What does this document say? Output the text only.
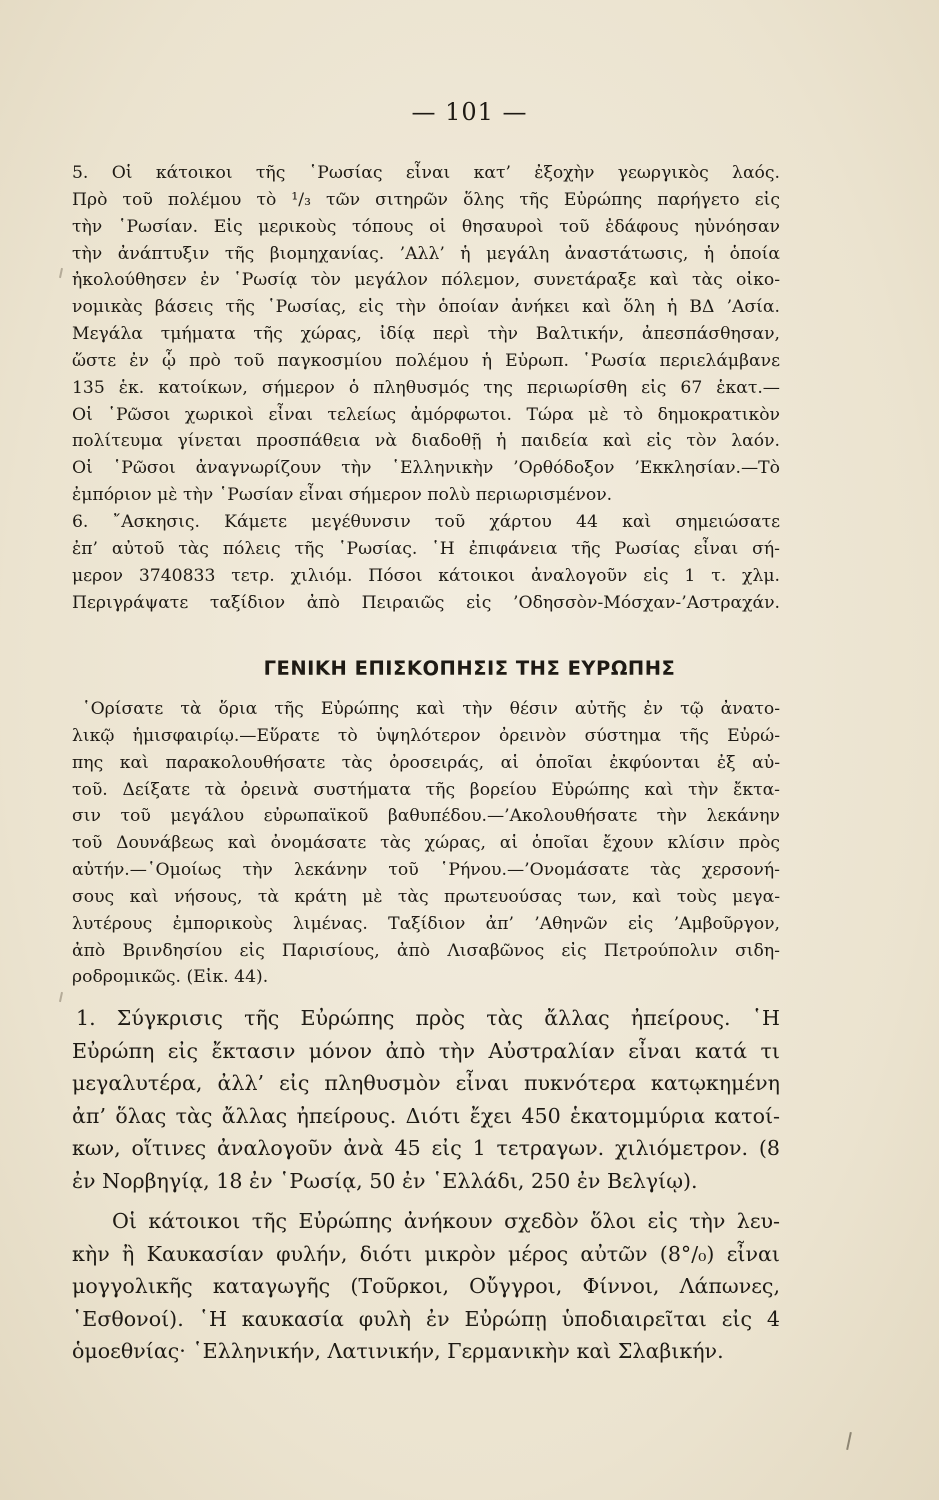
— 101 —
5. Οἱ κάτοικοι τῆς ῾Ρωσίας εἶναι κατ’ ἐξοχὴν γεωργικὸς λαός.
Πρὸ τοῦ πολέμου τὸ ¹/₃ τῶν σιτηρῶν ὅλης τῆς Εὐρώπης παρήγετο εἰς
τὴν ῾Ρωσίαν. Εἰς μερικοὺς τόπους οἱ θησαυροὶ τοῦ ἐδάφους ηὐνόησαν
τὴν ἀνάπτυξιν τῆς βιομηχανίας. ’Αλλ’ ἡ μεγάλη ἀναστάτωσις, ἡ ὁποία
ἠκολούθησεν ἐν ῾Ρωσίᾳ τὸν μεγάλον πόλεμον, συνετάραξε καὶ τὰς οἰκο-
νομικὰς βάσεις τῆς ῾Ρωσίας, εἰς τὴν ὁποίαν ἀνήκει καὶ ὅλη ἡ ΒΔ ’Ασία.
Μεγάλα τμήματα τῆς χώρας, ἰδίᾳ περὶ τὴν Βαλτικήν, ἀπεσπάσθησαν,
ὥστε ἐν ᾧ πρὸ τοῦ παγκοσμίου πολέμου ἡ Εὐρωπ. ῾Ρωσία περιελάμβανε
135 ἑκ. κατοίκων, σήμερον ὁ πληθυσμός της περιωρίσθη εἰς 67 ἑκατ.—
Οἱ ῾Ρῶσοι χωρικοὶ εἶναι τελείως ἀμόρφωτοι. Τώρα μὲ τὸ δημοκρατικὸν
πολίτευμα γίνεται προσπάθεια νὰ διαδοθῇ ἡ παιδεία καὶ εἰς τὸν λαόν.
Οἱ ῾Ρῶσοι ἀναγνωρίζουν τὴν ῾Ελληνικὴν ’Ορθόδοξον ’Εκκλησίαν.—Τὸ
ἐμπόριον μὲ τὴν ῾Ρωσίαν εἶναι σήμερον πολὺ περιωρισμένον.
6. ῎Ασκησις. Κάμετε μεγέθυνσιν τοῦ χάρτου 44 καὶ σημειώσατε
ἐπ’ αὐτοῦ τὰς πόλεις τῆς ῾Ρωσίας. ῾Η ἐπιφάνεια τῆς Ρωσίας εἶναι σή-
μερον 3740833 τετρ. χιλιόμ. Πόσοι κάτοικοι ἀναλογοῦν εἰς 1 τ. χλμ.
Περιγράψατε ταξίδιον ἀπὸ Πειραιῶς εἰς ’Οδησσὸν-Μόσχαν-’Αστραχάν.
ΓΕΝΙΚΗ ΕΠΙΣΚΟΠΗΣΙΣ ΤΗΣ ΕΥΡΩΠΗΣ
῾Ορίσατε τὰ ὅρια τῆς Εὐρώπης καὶ τὴν θέσιν αὐτῆς ἐν τῷ ἀνατο-
λικῷ ἡμισφαιρίῳ.—Εὕρατε τὸ ὑψηλότερον ὀρεινὸν σύστημα τῆς Εὐρώ-
πης καὶ παρακολουθήσατε τὰς ὀροσειράς, αἱ ὁποῖαι ἐκφύονται ἐξ αὐ-
τοῦ. Δείξατε τὰ ὀρεινὰ συστήματα τῆς βορείου Εὐρώπης καὶ τὴν ἔκτα-
σιν τοῦ μεγάλου εὐρωπαϊκοῦ βαθυπέδου.—’Ακολουθήσατε τὴν λεκάνην
τοῦ Δουνάβεως καὶ ὀνομάσατε τὰς χώρας, αἱ ὁποῖαι ἔχουν κλίσιν πρὸς
αὐτήν.—῾Ομοίως τὴν λεκάνην τοῦ ῾Ρήνου.—’Ονομάσατε τὰς χερσονή-
σους καὶ νήσους, τὰ κράτη μὲ τὰς πρωτευούσας των, καὶ τοὺς μεγα-
λυτέρους ἐμπορικοὺς λιμένας. Ταξίδιον ἀπ’ ’Αθηνῶν εἰς ’Αμβοῦργον,
ἀπὸ Βρινδησίου εἰς Παρισίους, ἀπὸ Λισαβῶνος εἰς Πετρούπολιν σιδη-
ροδρομικῶς. (Εἰκ. 44).
1. Σύγκρισις τῆς Εὐρώπης πρὸς τὰς ἄλλας ἠπείρους. ῾Η
Εὐρώπη εἰς ἔκτασιν μόνον ἀπὸ τὴν Αὐστραλίαν εἶναι κατά τι
μεγαλυτέρα, ἀλλ’ εἰς πληθυσμὸν εἶναι πυκνότερα κατῳκημένη
ἀπ’ ὅλας τὰς ἄλλας ἠπείρους. Διότι ἔχει 450 ἑκατομμύρια κατοί-
κων, οἵτινες ἀναλογοῦν ἀνὰ 45 εἰς 1 τετραγων. χιλιόμετρον. (8
ἐν Νορβηγίᾳ, 18 ἐν ῾Ρωσίᾳ, 50 ἐν ῾Ελλάδι, 250 ἐν Βελγίῳ).
Οἱ κάτοικοι τῆς Εὐρώπης ἀνήκουν σχεδὸν ὅλοι εἰς τὴν λευ-
κὴν ἢ Καυκασίαν φυλήν, διότι μικρὸν μέρος αὐτῶν (8°/₀) εἶναι
μογγολικῆς καταγωγῆς (Τοῦρκοι, Οὔγγροι, Φίννοι, Λάπωνες,
῾Εσθονοί). ῾Η καυκασία φυλὴ ἐν Εὐρώπῃ ὑποδιαιρεῖται εἰς 4
ὁμοεθνίας· ῾Ελληνικήν, Λατινικήν, Γερμανικὴν καὶ Σλαβικήν.
